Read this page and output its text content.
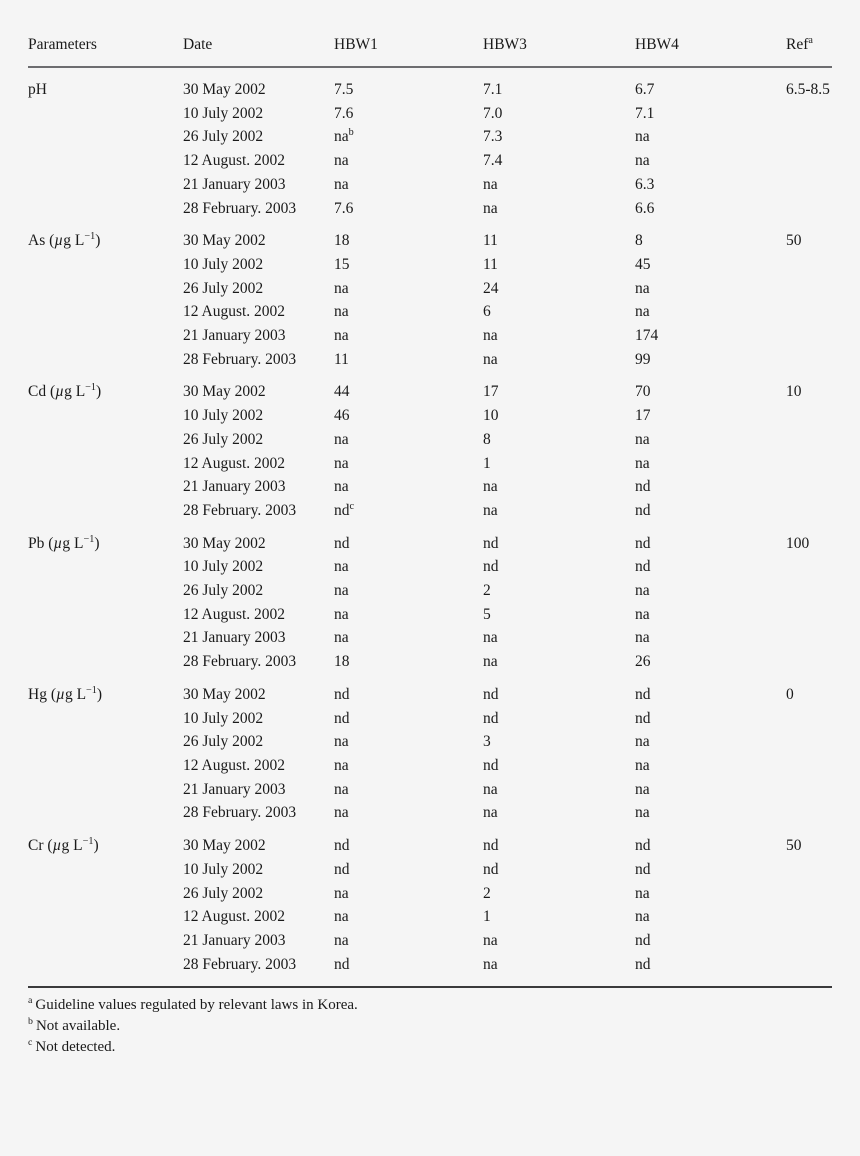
Parameters	Date	HBW1	HBW3	HBW4	Ref$^a$
pH	30 May 2002	7.5	7.1	6.7	6.5-8.5
	10 July 2002	7.6	7.0	7.1	
	26 July 2002	$na^b$	7.3	na	
	12 August. 2002	na	7.4	na	
	21 January 2003	na	na	6.3	
	28 February. 2003	7.6	na	6.6	
As (µg $L^{-1}$)	30 May 2002	18	11	8	50
	10 July 2002	15	11	45	
	26 July 2002	na	24	na	
	12 August. 2002	na	6	na	
	21 January 2003	na	na	174	
	28 February. 2003	11	na	99	
Cd (µg $L^{-1}$)	30 May 2002	44	17	70	10
	10 July 2002	46	10	17	
	26 July 2002	na	8	na	
	12 August. 2002	na	1	na	
	21 January 2003	na	na	nd	
	28 February. 2003	$nd^c$	na	nd	
Pb (µg $L^{-1}$)	30 May 2002	nd	nd	nd	100
	10 July 2002	na	nd	nd	
	26 July 2002	na	2	na	
	12 August. 2002	na	5	na	
	21 January 2003	na	na	na	
	28 February. 2003	18	na	26	
Hg (µg $L^{-1}$)	30 May 2002	nd	nd	nd	0
	10 July 2002	nd	nd	nd	
	26 July 2002	na	3	na	
	12 August. 2002	na	nd	na	
	21 January 2003	na	na	na	
	28 February. 2003	na	na	na	
Cr (µg $L^{-1}$)	30 May 2002	nd	nd	nd	50
	10 July 2002	nd	nd	nd	
	26 July 2002	na	2	na	
	12 August. 2002	na	1	na	
	21 January 2003	na	na	nd	
	28 February. 2003	nd	na	nd	
$^a$ Guideline values regulated by relevant laws in Korea.
$^b$ Not available.
$^c$ Not detected.
